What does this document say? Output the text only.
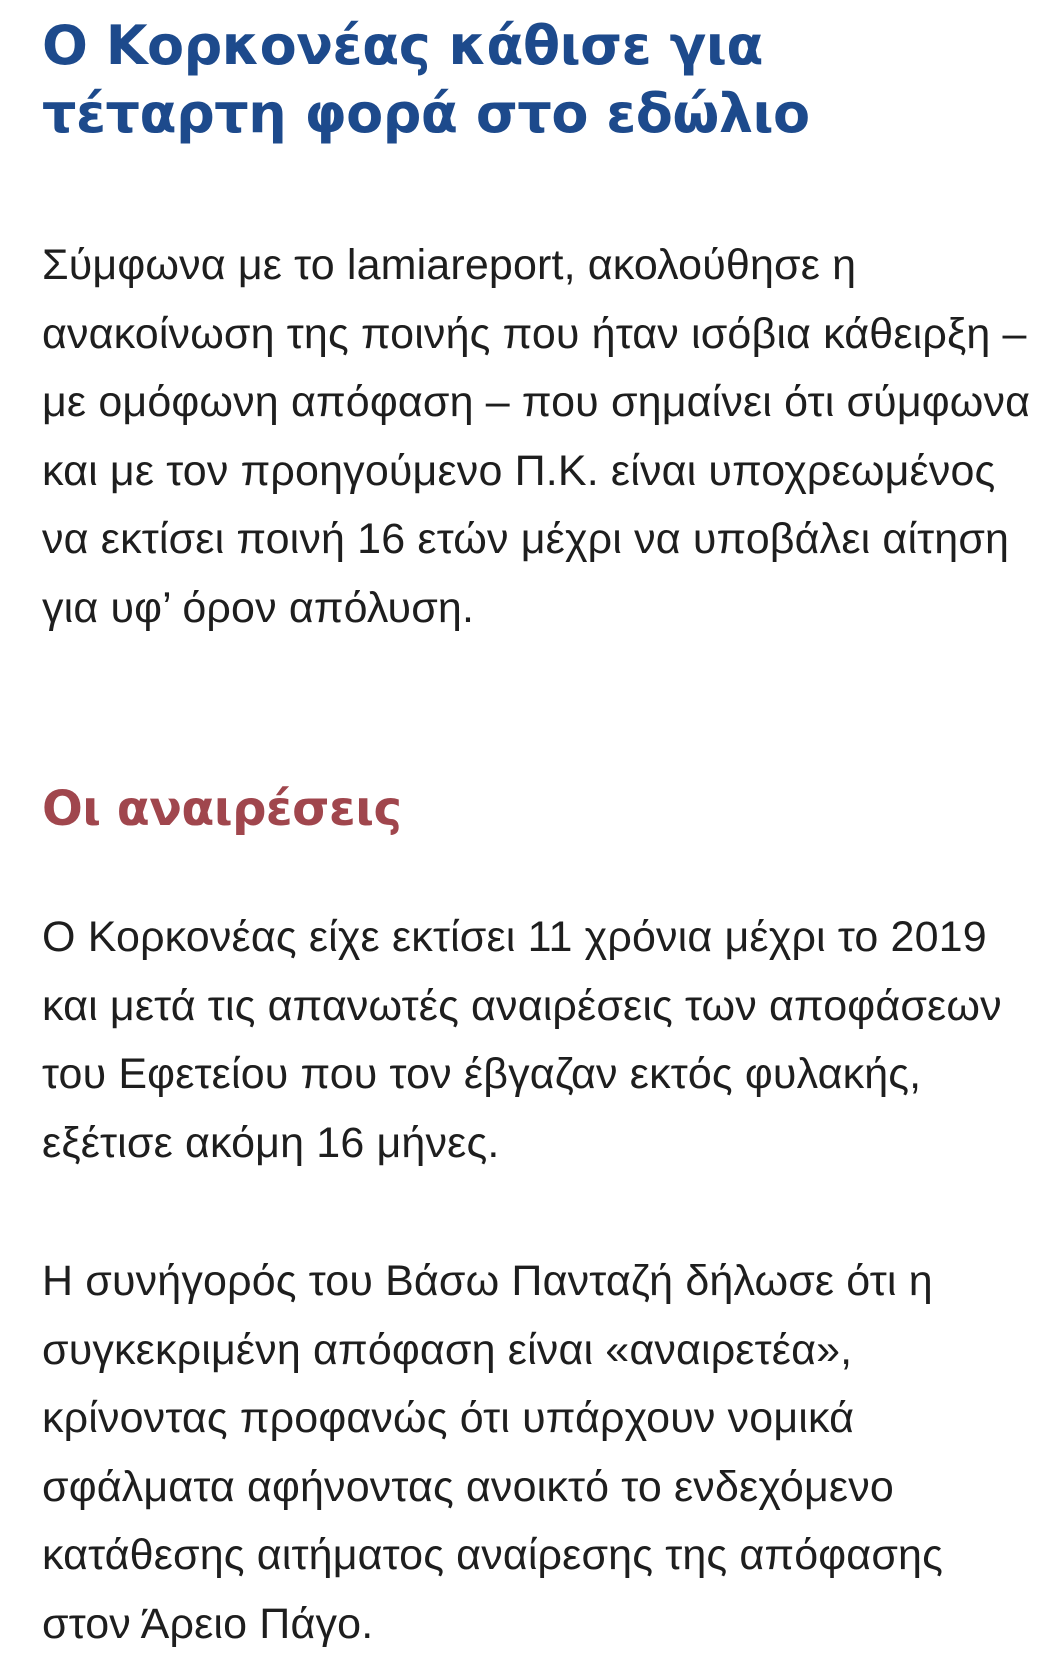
Ο Κορκονέας κάθισε για τέταρτη φορά στο εδώλιο

Σύμφωνα με το lamiareport, ακολούθησε η ανακοίνωση της ποινής που ήταν ισόβια κάθειρξη – με ομόφωνη απόφαση – που σημαίνει ότι σύμφωνα και με τον προηγούμενο Π.Κ. είναι υποχρεωμένος να εκτίσει ποινή 16 ετών μέχρι να υποβάλει αίτηση για υφ’ όρον απόλυση.

Οι αναιρέσεις

Ο Κορκονέας είχε εκτίσει 11 χρόνια μέχρι το 2019 και μετά τις απανωτές αναιρέσεις των αποφάσεων του Εφετείου που τον έβγαζαν εκτός φυλακής, εξέτισε ακόμη 16 μήνες.

Η συνήγορός του Βάσω Πανταζή δήλωσε ότι η συγκεκριμένη απόφαση είναι «αναιρετέα», κρίνοντας προφανώς ότι υπάρχουν νομικά σφάλματα αφήνοντας ανοικτό το ενδεχόμενο κατάθεσης αιτήματος αναίρεσης της απόφασης στον Άρειο Πάγο.
